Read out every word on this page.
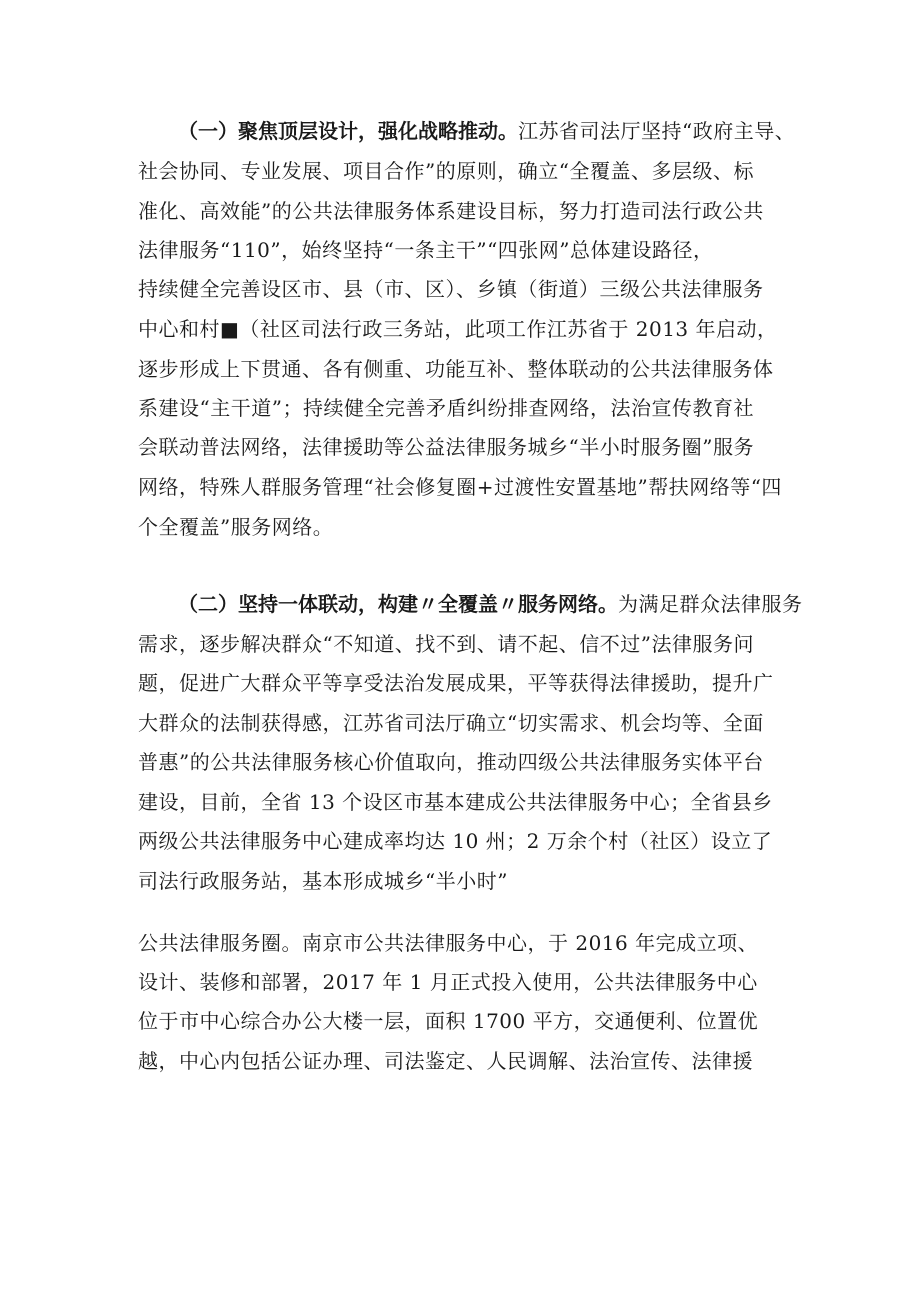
（一）聚焦顶层设计，强化战略推动。江苏省司法厅坚持“政府主导、
社会协同、专业发展、项目合作”的原则，确立“全覆盖、多层级、标
准化、高效能”的公共法律服务体系建设目标，努力打造司法行政公共
法律服务“110”，始终坚持“一条主干”“四张网”总体建设路径，
持续健全完善设区市、县（市、区）、乡镇（街道）三级公共法律服务
中心和村■（社区司法行政三务站，此项工作江苏省于 2013 年启动，
逐步形成上下贯通、各有侧重、功能互补、整体联动的公共法律服务体
系建设“主干道”；持续健全完善矛盾纠纷排查网络，法治宣传教育社
会联动普法网络，法律援助等公益法律服务城乡“半小时服务圈”服务
网络，特殊人群服务管理“社会修复圈+过渡性安置基地”帮扶网络等“四
个全覆盖”服务网络。
（二）坚持一体联动，构建〃全覆盖〃服务网络。为满足群众法律服务
需求，逐步解决群众“不知道、找不到、请不起、信不过”法律服务问
题，促进广大群众平等享受法治发展成果，平等获得法律援助，提升广
大群众的法制获得感，江苏省司法厅确立“切实需求、机会均等、全面
普惠”的公共法律服务核心价值取向，推动四级公共法律服务实体平台
建设，目前，全省 13 个设区市基本建成公共法律服务中心；全省县乡
两级公共法律服务中心建成率均达 10 州；2 万余个村（社区）设立了
司法行政服务站，基本形成城乡“半小时”
公共法律服务圈。南京市公共法律服务中心，于 2016 年完成立项、
设计、装修和部署，2017 年 1 月正式投入使用，公共法律服务中心
位于市中心综合办公大楼一层，面积 1700 平方，交通便利、位置优
越，中心内包括公证办理、司法鉴定、人民调解、法治宣传、法律援
